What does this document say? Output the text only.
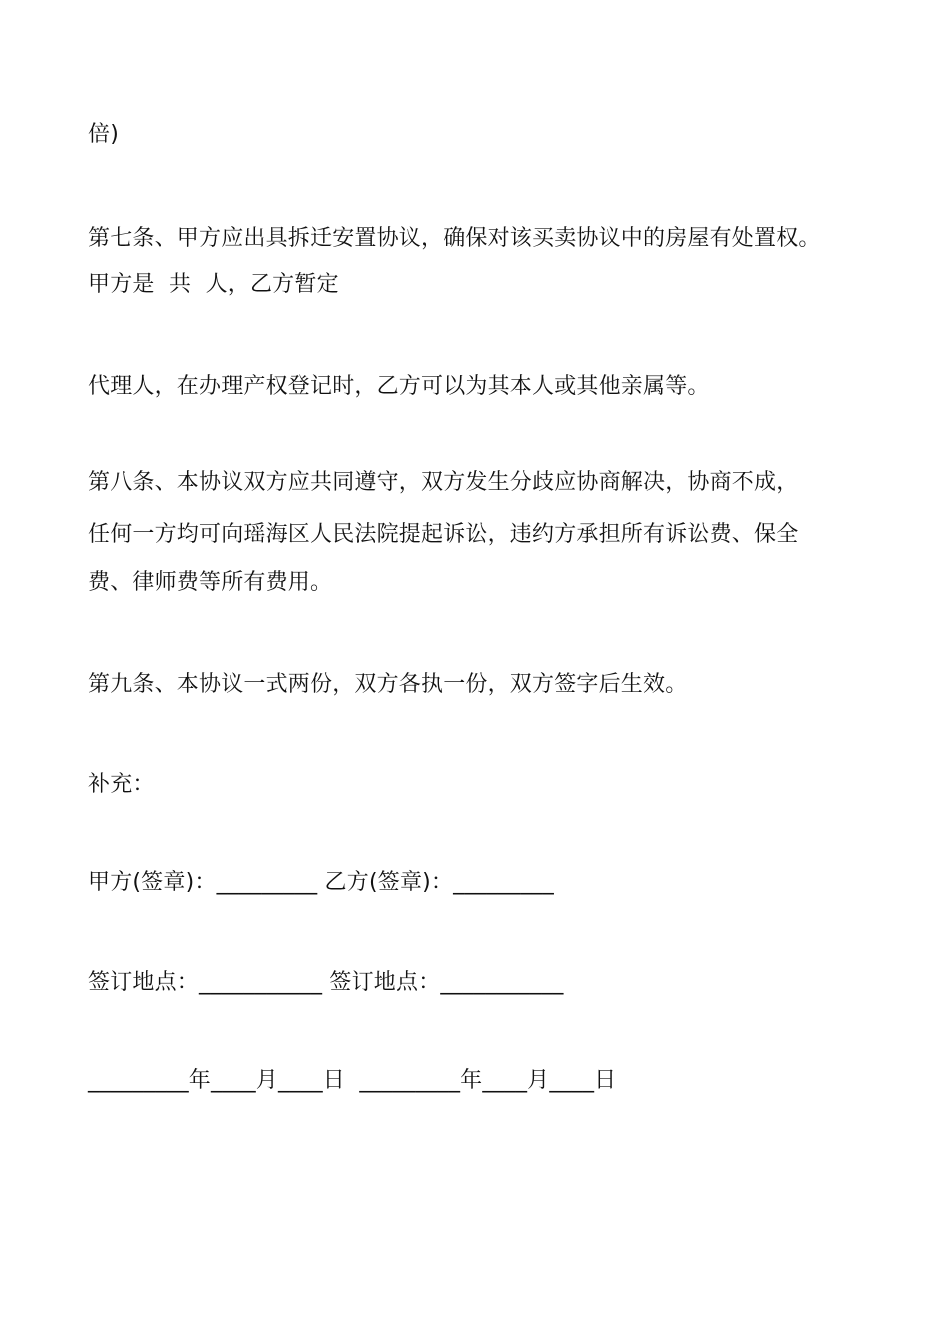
倍)
第七条、甲方应出具拆迁安置协议，确保对该买卖协议中的房屋有处置权。
甲方是  共  人，乙方暂定
代理人，在办理产权登记时，乙方可以为其本人或其他亲属等。
第八条、本协议双方应共同遵守，双方发生分歧应协商解决，协商不成，
任何一方均可向瑶海区人民法院提起诉讼，违约方承担所有诉讼费、保全
费、律师费等所有费用。
第九条、本协议一式两份，双方各执一份，双方签字后生效。
补充：
甲方(签章)：_________ 乙方(签章)：_________
签订地点：___________ 签订地点：___________
_________年____月____日  _________年____月____日
